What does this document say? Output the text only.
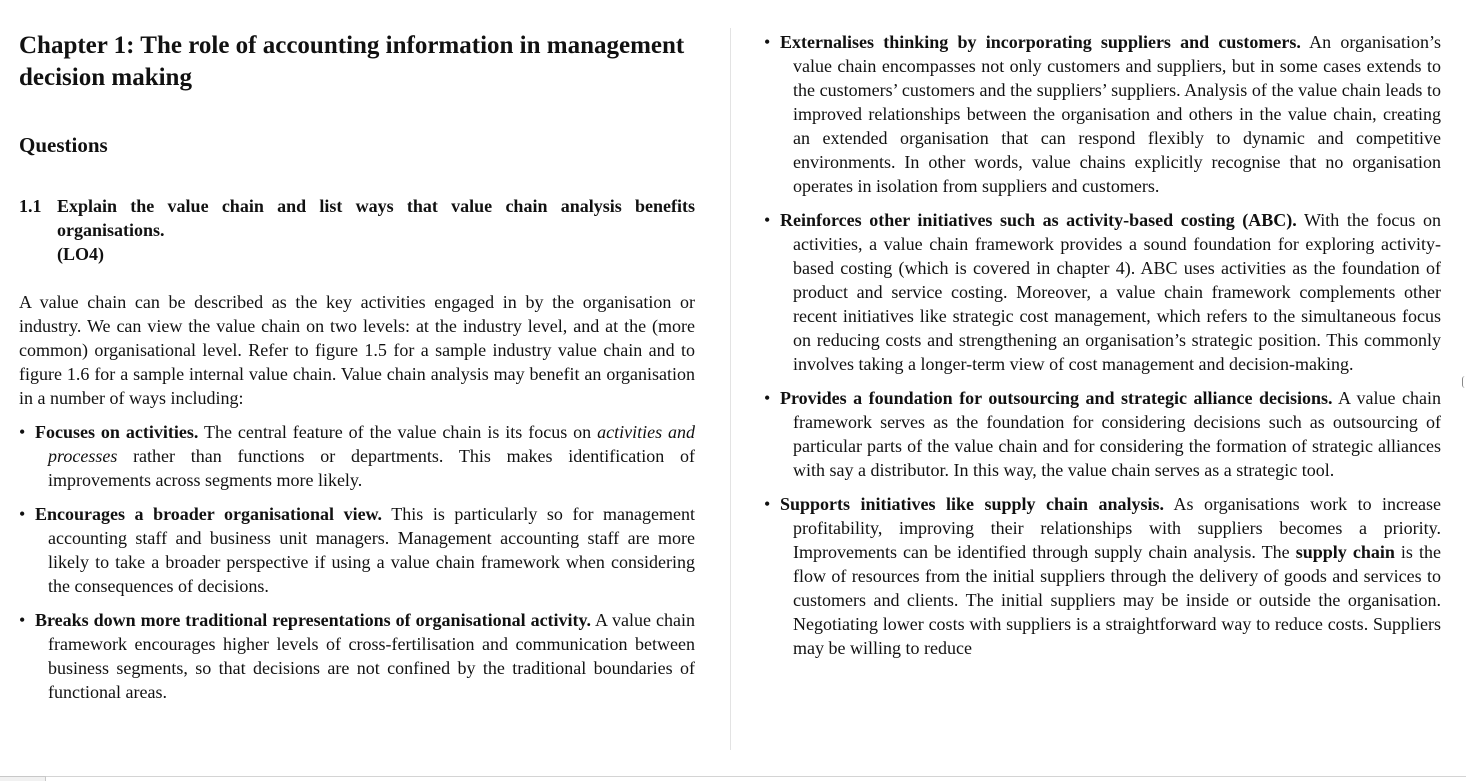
Chapter 1: The role of accounting information in management decision making
Questions
1.1 Explain the value chain and list ways that value chain analysis benefits organisations.
(LO4)

A value chain can be described as the key activities engaged in by the organisation or industry. We can view the value chain on two levels: at the industry level, and at the (more common) organisational level. Refer to figure 1.5 for a sample industry value chain and to figure 1.6 for a sample internal value chain. Value chain analysis may benefit an organisation in a number of ways including:

• Focuses on activities. The central feature of the value chain is its focus on activities and processes rather than functions or departments. This makes identification of improvements across segments more likely.
• Encourages a broader organisational view. This is particularly so for management accounting staff and business unit managers. Management accounting staff are more likely to take a broader perspective if using a value chain framework when considering the consequences of decisions.
• Breaks down more traditional representations of organisational activity. A value chain framework encourages higher levels of cross-fertilisation and communication between business segments, so that decisions are not confined by the traditional boundaries of functional areas.
• Externalises thinking by incorporating suppliers and customers. An organisation’s value chain encompasses not only customers and suppliers, but in some cases extends to the customers’ customers and the suppliers’ suppliers. Analysis of the value chain leads to improved relationships between the organisation and others in the value chain, creating an extended organisation that can respond flexibly to dynamic and competitive environments. In other words, value chains explicitly recognise that no organisation operates in isolation from suppliers and customers.
• Reinforces other initiatives such as activity-based costing (ABC). With the focus on activities, a value chain framework provides a sound foundation for exploring activity-based costing (which is covered in chapter 4). ABC uses activities as the foundation of product and service costing. Moreover, a value chain framework complements other recent initiatives like strategic cost management, which refers to the simultaneous focus on reducing costs and strengthening an organisation’s strategic position. This commonly involves taking a longer-term view of cost management and decision-making.
• Provides a foundation for outsourcing and strategic alliance decisions. A value chain framework serves as the foundation for considering decisions such as outsourcing of particular parts of the value chain and for considering the formation of strategic alliances with say a distributor. In this way, the value chain serves as a strategic tool.
• Supports initiatives like supply chain analysis. As organisations work to increase profitability, improving their relationships with suppliers becomes a priority. Improvements can be identified through supply chain analysis. The supply chain is the flow of resources from the initial suppliers through the delivery of goods and services to customers and clients. The initial suppliers may be inside or outside the organisation. Negotiating lower costs with suppliers is a straightforward way to reduce costs. Suppliers may be willing to reduce
